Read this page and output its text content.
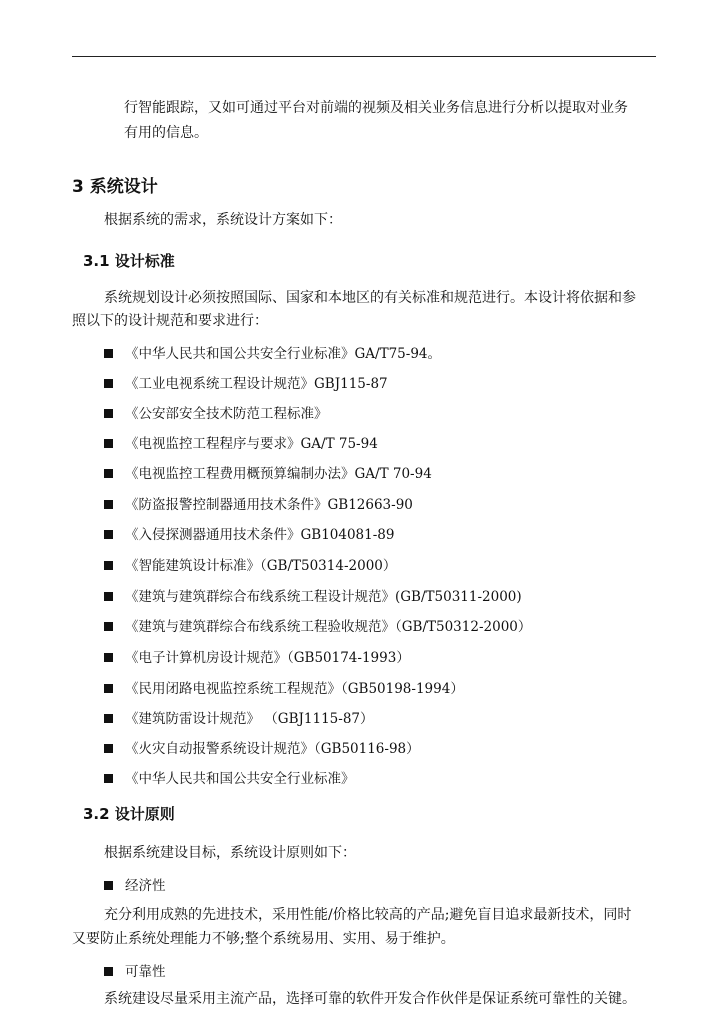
行智能跟踪，又如可通过平台对前端的视频及相关业务信息进行分析以提取对业务
有用的信息。
3 系统设计
根据系统的需求，系统设计方案如下：
3.1 设计标准
系统规划设计必须按照国际、国家和本地区的有关标准和规范进行。本设计将依据和参
照以下的设计规范和要求进行：
《中华人民共和国公共安全行业标准》GA/T75-94。
《工业电视系统工程设计规范》GBJ115-87
《公安部安全技术防范工程标准》
《电视监控工程程序与要求》GA/T 75-94
《电视监控工程费用概预算编制办法》GA/T 70-94
《防盗报警控制器通用技术条件》GB12663-90
《入侵探测器通用技术条件》GB104081-89
《智能建筑设计标准》（GB/T50314-2000）
《建筑与建筑群综合布线系统工程设计规范》(GB/T50311-2000)
《建筑与建筑群综合布线系统工程验收规范》（GB/T50312-2000）
《电子计算机房设计规范》（GB50174-1993）
《民用闭路电视监控系统工程规范》（GB50198-1994）
《建筑防雷设计规范》 （GBJ1115-87）
《火灾自动报警系统设计规范》（GB50116-98）
《中华人民共和国公共安全行业标准》
3.2 设计原则
根据系统建设目标，系统设计原则如下：
经济性
充分利用成熟的先进技术，采用性能/价格比较高的产品;避免盲目追求最新技术，同时
又要防止系统处理能力不够;整个系统易用、实用、易于维护。
可靠性
系统建设尽量采用主流产品，选择可靠的软件开发合作伙伴是保证系统可靠性的关键。
